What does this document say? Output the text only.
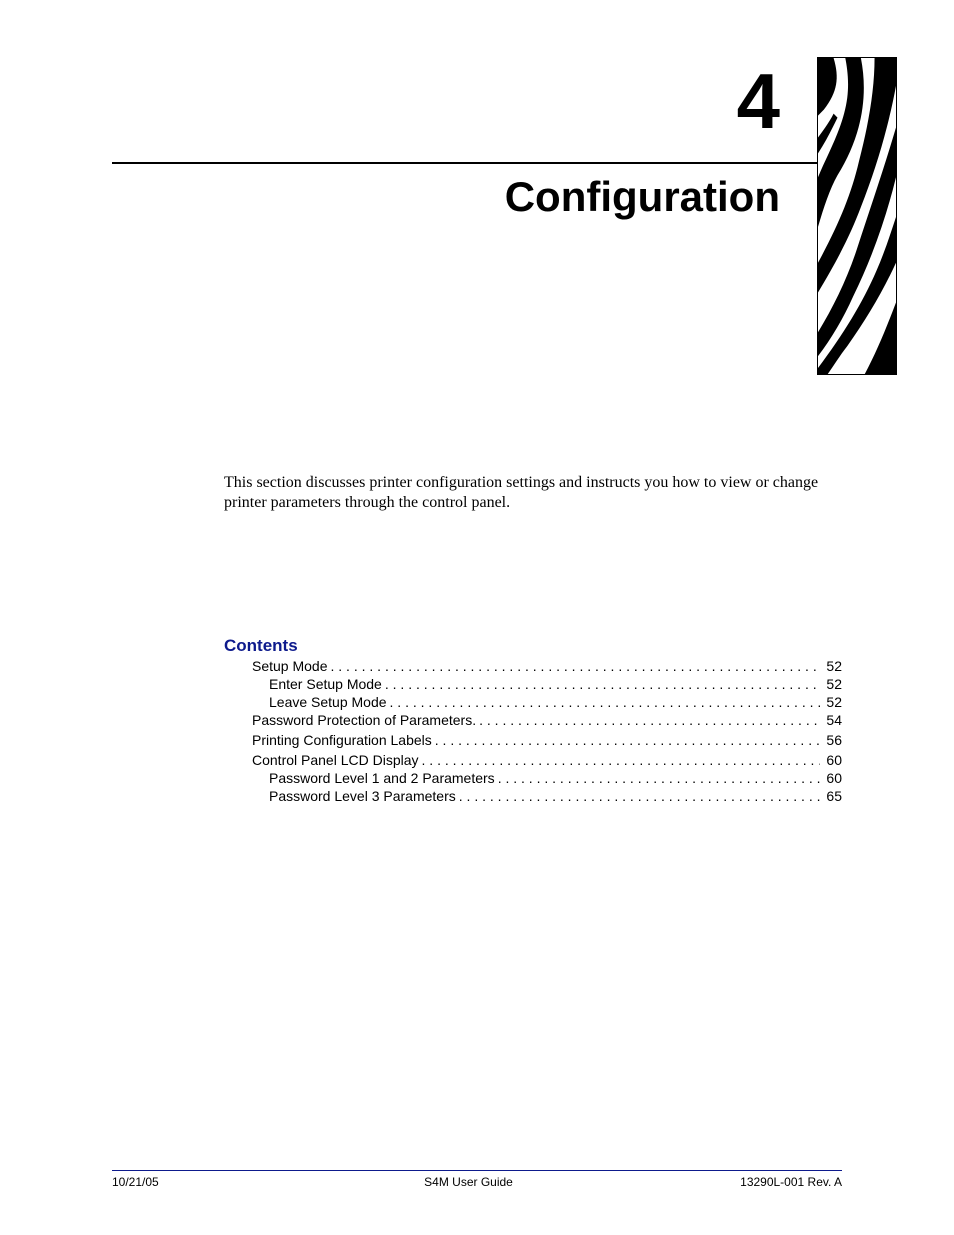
4
Configuration

This section discusses printer configuration settings and instructs you how to view or change printer parameters through the control panel.

Contents
Setup Mode . . .	52
Enter Setup Mode . . .	52
Leave Setup Mode . . .	52
Password Protection of Parameters. . . .	54
Printing Configuration Labels . . .	56
Control Panel LCD Display . . .	60
Password Level 1 and 2 Parameters . . .	60
Password Level 3 Parameters . . .	65

10/21/05	S4M User Guide	13290L-001 Rev. A
